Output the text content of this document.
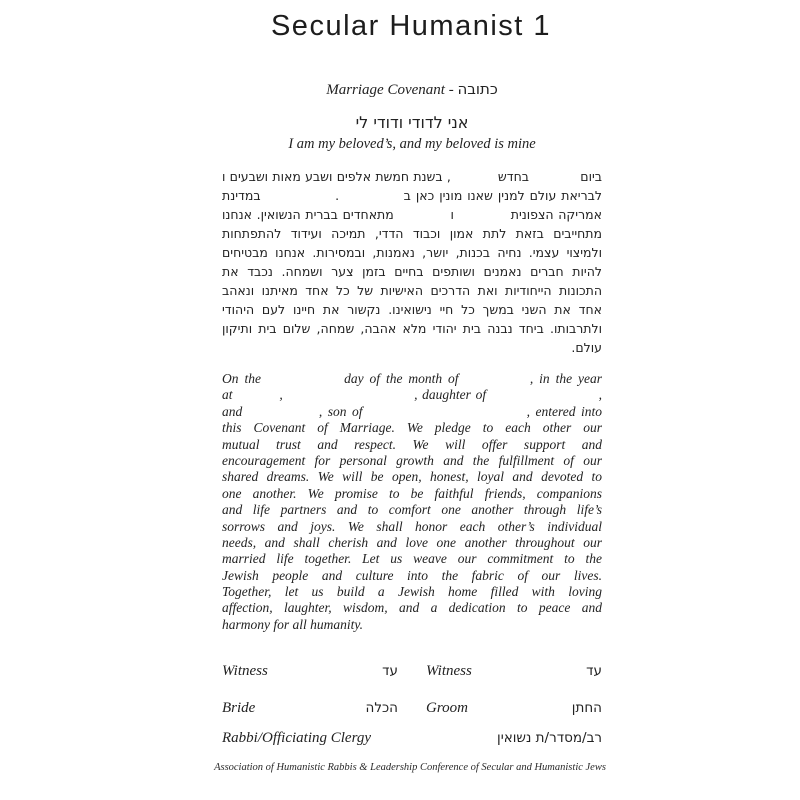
Secular Humanist 1
Marriage Covenant - כתובה
אני לדודי ודודי לי
I am my beloved’s, and my beloved is mine
ביום            בחדש           , בשנת חמשת אלפים ושבע מאות ושבעים ו
לבריאת עולם למנין שאנו מונין כאן ב             .               במדינת
אמריקה הצפונית            ו            מתאחדים בברית הנשואין. אנחנו
מתחייבים בזאת לתת אמון וכבוד הדדי, תמיכה ועידוד להתפתחות
ולמיצוי עצמי. נחיה בכנות, יושר, נאמנות, ובמסירות. אנחנו מבטיחים
להיות חברים נאמנים ושותפים בחיים בזמן צער ושמחה. נכבד את
התכונות הייחודיות ואת הדרכים האישיות של כל אחד מאיתנו ונאהב
אחד את השני במשך כל חיי נישואינו. נקשור את חיינו לעם היהודי
ולתרבותו. ביחד נבנה בית יהודי מלא אהבה, שמחה, שלום בית ותיקון
עולם.
On the              day of the month of            , in the year
at          ,                            , daughter of                        ,
and              , son of                              , entered into
this Covenant of Marriage. We pledge to each other our
mutual trust and respect. We will offer support and
encouragement for personal growth and the fulfillment of our
shared dreams. We will be open, honest, loyal and devoted to
one another. We promise to be faithful friends, companions
and life partners and to comfort one another through life’s
sorrows and joys. We shall honor each other’s individual
needs, and shall cherish and love one another throughout our
married life together. Let us weave our commitment to the
Jewish people and culture into the fabric of our lives.
Together, let us build a Jewish home filled with loving
affection, laughter, wisdom, and a dedication to peace and
harmony for all humanity.
Witness	עד Witness	עד
Bride	הכלה Groom	החתן
Rabbi/Officiating Clergy	רב/מסדר/ת נשואין
Association of Humanistic Rabbis & Leadership Conference of Secular and Humanistic Jews
